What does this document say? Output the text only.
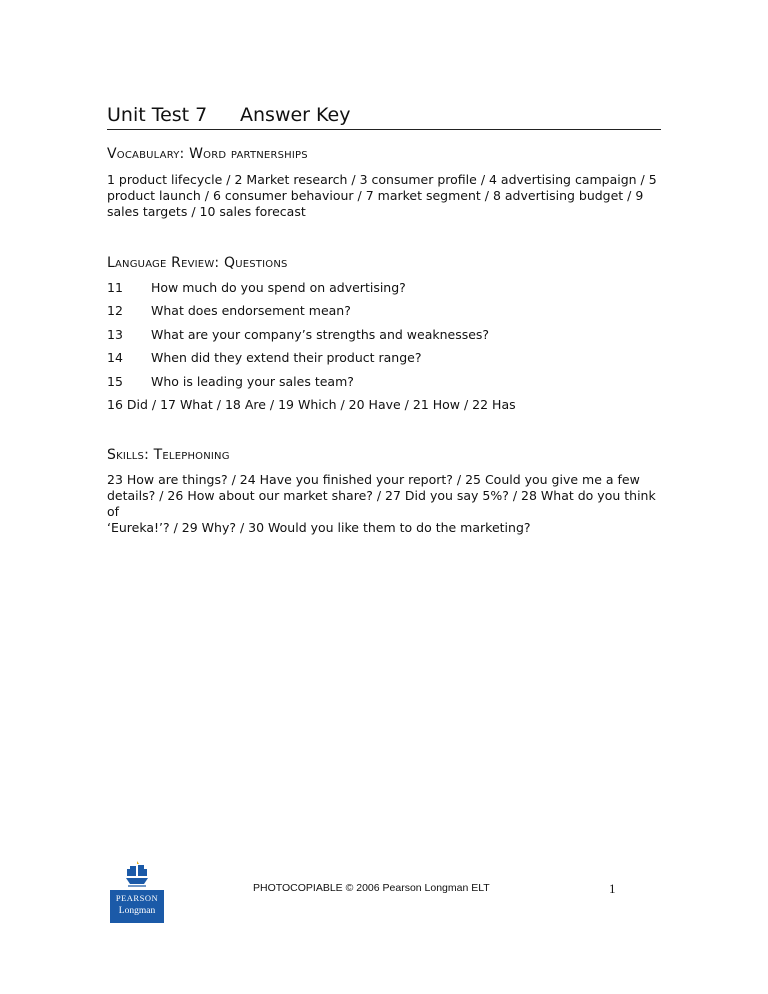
Unit Test 7 Answer Key
Vocabulary: Word partnerships
1 product lifecycle / 2 Market research / 3 consumer profile / 4 advertising campaign / 5
product launch / 6 consumer behaviour / 7 market segment / 8 advertising budget / 9
sales targets / 10 sales forecast
Language Review: Questions
11 How much do you spend on advertising?
12 What does endorsement mean?
13 What are your company’s strengths and weaknesses?
14 When did they extend their product range?
15 Who is leading your sales team?
16 Did / 17 What / 18 Are / 19 Which / 20 Have / 21 How / 22 Has
Skills: Telephoning
23 How are things? / 24 Have you finished your report? / 25 Could you give me a few
details? / 26 How about our market share? / 27 Did you say 5%? / 28 What do you think of
‘Eureka!’? / 29 Why? / 30 Would you like them to do the marketing?
PEARSON
Longman
PHOTOCOPIABLE © 2006 Pearson Longman ELT	1
